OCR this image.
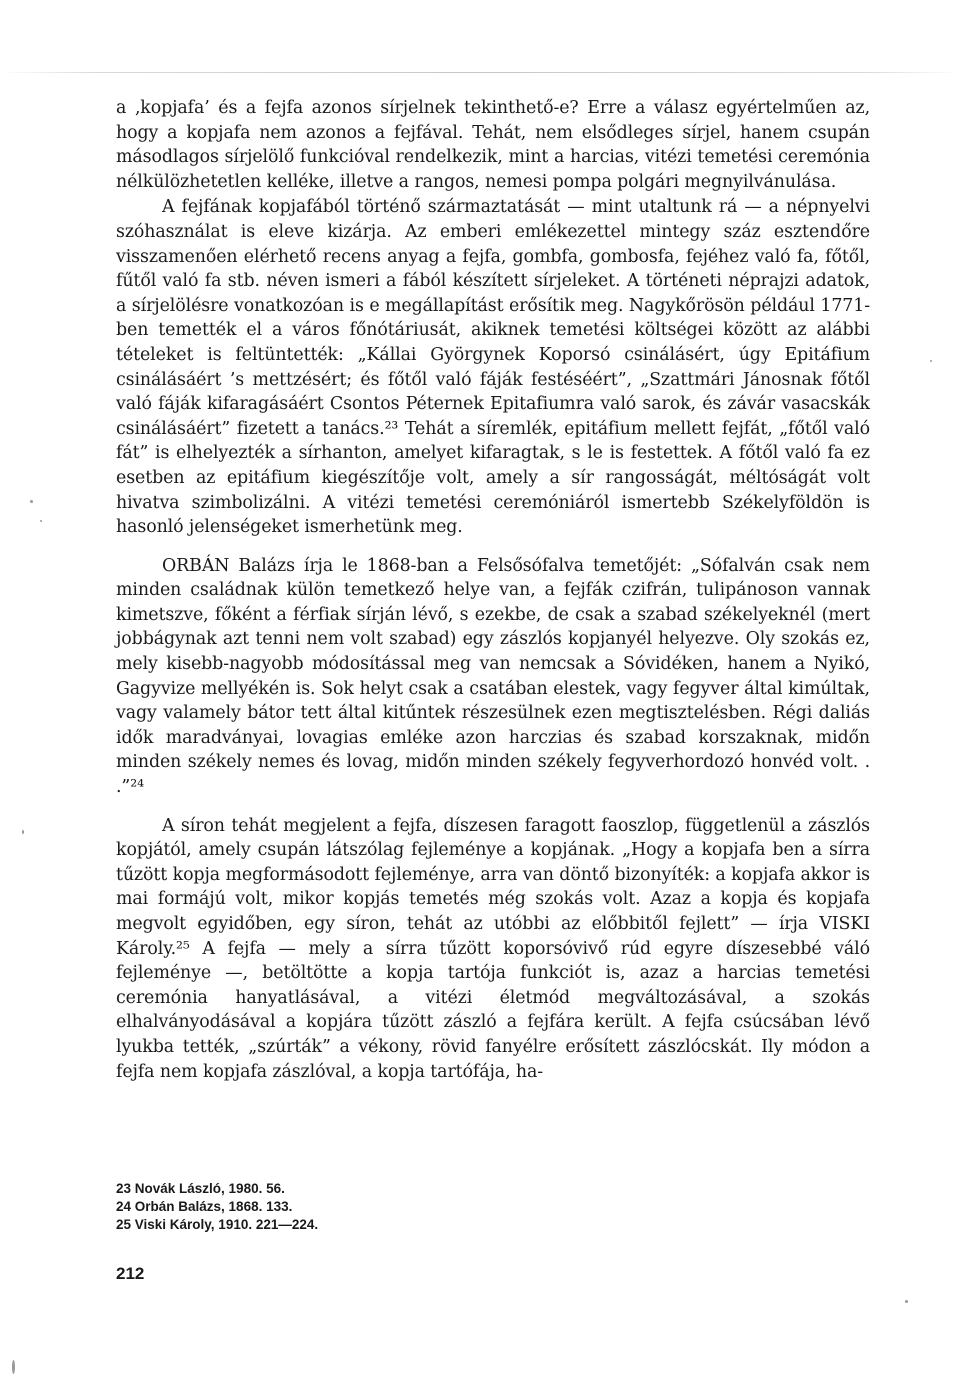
a ‚kopjafa’ és a fejfa azonos sírjelnek tekinthető-e? Erre a válasz egyértelműen az, hogy a kopjafa nem azonos a fejfával. Tehát, nem elsődleges sírjel, hanem csupán másodlagos sírjelölő funkcióval rendelkezik, mint a harcias, vitézi temetési ceremónia nélkülözhetetlen kelléke, illetve a rangos, nemesi pompa polgári megnyilvánulása.

A fejfának kopjafából történő származtatását — mint utaltunk rá — a népnyelvi szóhasználat is eleve kizárja. Az emberi emlékezettel mintegy száz esztendőre visszamenően elérhető recens anyag a fejfa, gombfa, gombosfa, fejéhez való fa, főtől, fűtől való fa stb. néven ismeri a fából készített sírjeleket. A történeti néprajzi adatok, a sírjelölésre vonatkozóan is e megállapítást erősítik meg. Nagykőrösön például 1771-ben temették el a város főnótáriusát, akiknek temetési költségei között az alábbi tételeket is feltüntették: „Kállai Györgynek Koporsó csinálásért, úgy Epitáfium csinálásáért ’s mettzésért; és főtől való fáják festéséért”, „Szattmári Jánosnak főtől való fáják kifaragásáért Csontos Péternek Epitafiumra való sarok, és závár vasacskák csinálásáért” fizetett a tanács.²³ Tehát a síremlék, epitáfium mellett fejfát, „főtől való fát” is elhelyezték a sírhanton, amelyet kifaragtak, s le is festettek. A főtől való fa ez esetben az epitáfium kiegészítője volt, amely a sír rangosságát, méltóságát volt hivatva szimbolizálni. A vitézi temetési ceremóniáról ismertebb Székelyföldön is hasonló jelenségeket ismerhetünk meg.

ORBÁN Balázs írja le 1868-ban a Felsősófalva temetőjét: „Sófalván csak nem minden családnak külön temetkező helye van, a fejfák czifrán, tulipánoson vannak kimetszve, főként a férfiak sírján lévő, s ezekbe, de csak a szabad székelyeknél (mert jobbágynak azt tenni nem volt szabad) egy zászlós kopjanyél helyezve. Oly szokás ez, mely kisebb-nagyobb módosítással meg van nemcsak a Sóvidéken, hanem a Nyikó, Gagyvize mellyékén is. Sok helyt csak a csatában elestek, vagy fegyver által kimúltak, vagy valamely bátor tett által kitűntek részesülnek ezen megtisztelésben. Régi daliás idők maradványai, lovagias emléke azon harczias és szabad korszaknak, midőn minden székely nemes és lovag, midőn minden székely fegyverhordozó honvéd volt. . .”²⁴

A síron tehát megjelent a fejfa, díszesen faragott faoszlop, függetlenül a zászlós kopjától, amely csupán látszólag fejleménye a kopjának. „Hogy a kopjafa ben a sírra tűzött kopja megformásodott fejleménye, arra van döntő bizonyíték: a kopjafa akkor is mai formájú volt, mikor kopjás temetés még szokás volt. Azaz a kopja és kopjafa megvolt egyidőben, egy síron, tehát az utóbbi az előbbitől fejlett” — írja VISKI Károly.²⁵ A fejfa — mely a sírra tűzött koporsóvivő rúd egyre díszesebbé váló fejleménye —, betöltötte a kopja tartója funkciót is, azaz a harcias temetési ceremónia hanyatlásával, a vitézi életmód megváltozásával, a szokás elhalványodásával a kopjára tűzött zászló a fejfára került. A fejfa csúcsában lévő lyukba tették, „szúrták” a vékony, rövid fanyélre erősített zászlócskát. Ily módon a fejfa nem kopjafa zászlóval, a kopja tartófája, ha-

23 Novák László, 1980. 56.
24 Orbán Balázs, 1868. 133.
25 Viski Károly, 1910. 221—224.
212
